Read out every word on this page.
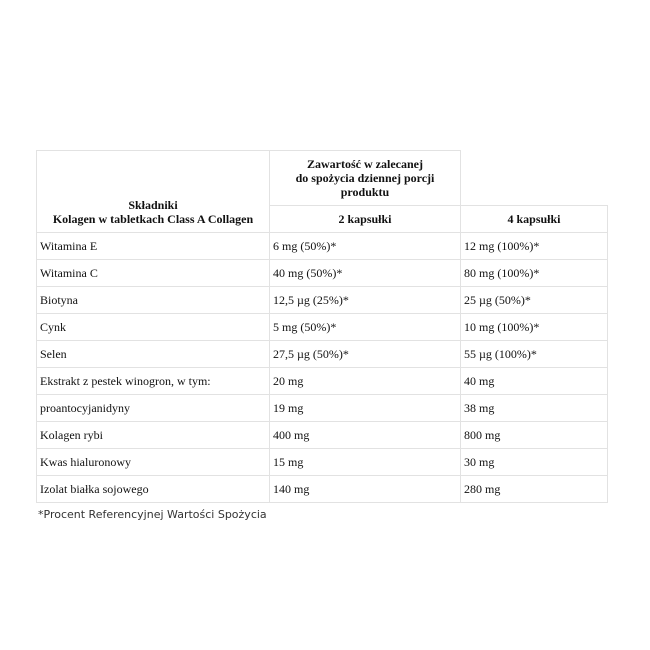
Składniki
Kolagen w tabletkach Class A Collagen	Zawartość w zalecanej
do spożycia dziennej porcji
produktu	

	2 kapsułki	4 kapsułki
Witamina E	6 mg (50%)*	12 mg (100%)*
Witamina C	40 mg (50%)*	80 mg (100%)*
Biotyna	12,5 µg (25%)*	25 µg (50%)*
Cynk	5 mg (50%)*	10 mg (100%)*
Selen	27,5 µg (50%)*	55 µg (100%)*
Ekstrakt z pestek winogron, w tym:	20 mg	40 mg
proantocyjanidyny	19 mg	38 mg
Kolagen rybi	400 mg	800 mg
Kwas hialuronowy	15 mg	30 mg
Izolat białka sojowego	140 mg	280 mg
*Procent Referencyjnej Wartości Spożycia
